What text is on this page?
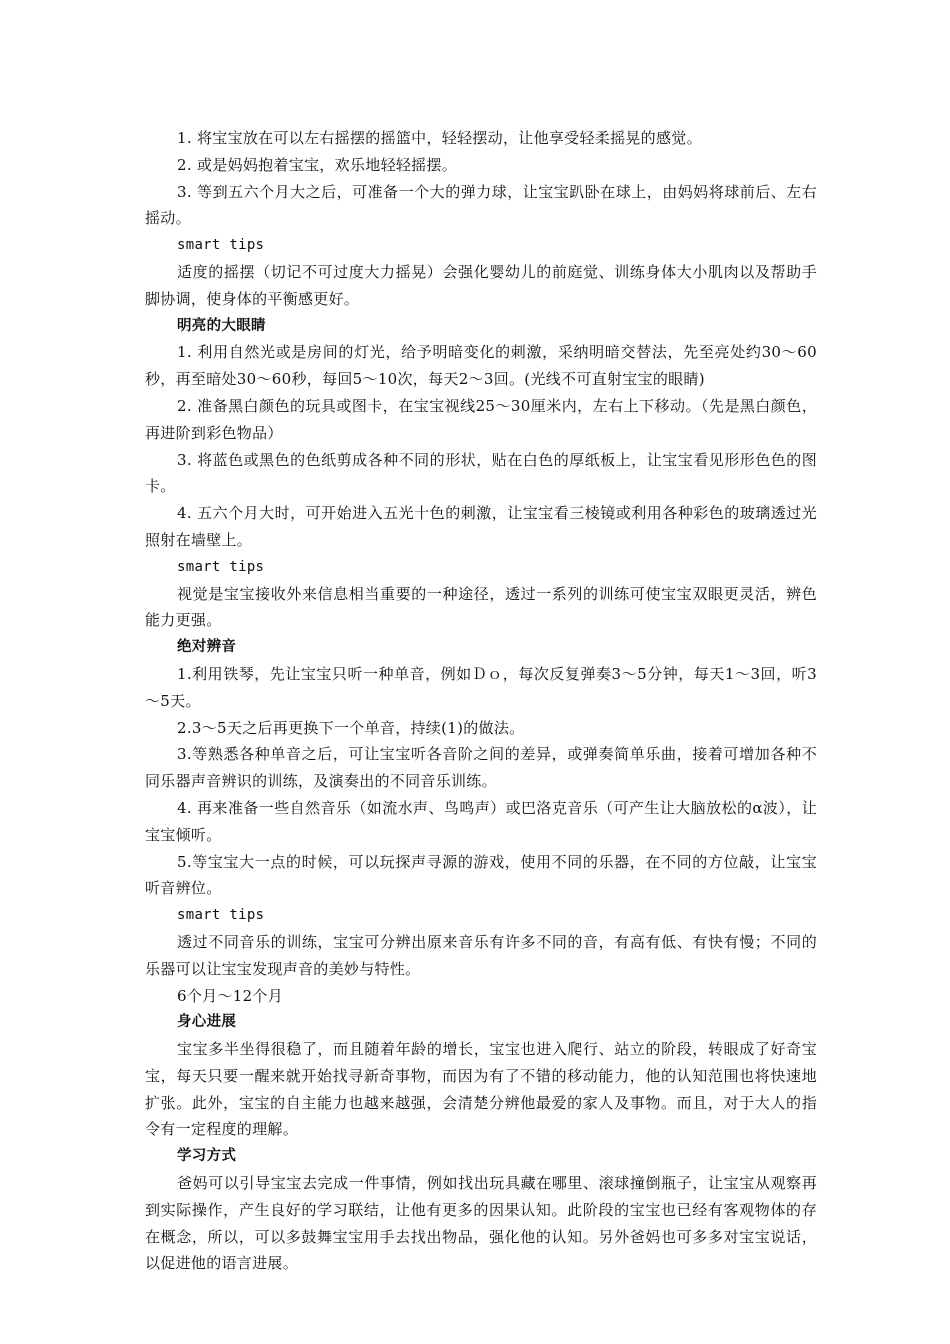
1. 将宝宝放在可以左右摇摆的摇篮中，轻轻摆动，让他享受轻柔摇晃的感觉。

2. 或是妈妈抱着宝宝，欢乐地轻轻摇摆。

3. 等到五六个月大之后，可准备一个大的弹力球，让宝宝趴卧在球上，由妈妈将球前后、左右摇动。

smart tips

适度的摇摆（切记不可过度大力摇晃）会强化婴幼儿的前庭觉、训练身体大小肌肉以及帮助手脚协调，使身体的平衡感更好。

明亮的大眼睛

1. 利用自然光或是房间的灯光，给予明暗变化的刺激，采纳明暗交替法，先至亮处约30～60秒，再至暗处30～60秒，每回5～10次，每天2～3回。(光线不可直射宝宝的眼睛)

2. 准备黑白颜色的玩具或图卡，在宝宝视线25～30厘米内，左右上下移动。（先是黑白颜色，再进阶到彩色物品）

3. 将蓝色或黑色的色纸剪成各种不同的形状，贴在白色的厚纸板上，让宝宝看见形形色色的图卡。

4. 五六个月大时，可开始进入五光十色的刺激，让宝宝看三棱镜或利用各种彩色的玻璃透过光照射在墙壁上。

smart tips

视觉是宝宝接收外来信息相当重要的一种途径，透过一系列的训练可使宝宝双眼更灵活，辨色能力更强。

绝对辨音

1.利用铁琴，先让宝宝只听一种单音，例如Ｄｏ，每次反复弹奏3～5分钟，每天1～3回，听3～5天。

2.3～5天之后再更换下一个单音，持续(1)的做法。

3.等熟悉各种单音之后，可让宝宝听各音阶之间的差异，或弹奏简单乐曲，接着可增加各种不同乐器声音辨识的训练，及演奏出的不同音乐训练。

4. 再来准备一些自然音乐（如流水声、鸟鸣声）或巴洛克音乐（可产生让大脑放松的α波），让宝宝倾听。

5.等宝宝大一点的时候，可以玩探声寻源的游戏，使用不同的乐器，在不同的方位敲，让宝宝听音辨位。

smart tips

透过不同音乐的训练，宝宝可分辨出原来音乐有许多不同的音，有高有低、有快有慢；不同的乐器可以让宝宝发现声音的美妙与特性。

6个月～12个月

身心进展

宝宝多半坐得很稳了，而且随着年龄的增长，宝宝也进入爬行、站立的阶段，转眼成了好奇宝宝，每天只要一醒来就开始找寻新奇事物，而因为有了不错的移动能力，他的认知范围也将快速地扩张。此外，宝宝的自主能力也越来越强，会清楚分辨他最爱的家人及事物。而且，对于大人的指令有一定程度的理解。

学习方式

爸妈可以引导宝宝去完成一件事情，例如找出玩具藏在哪里、滚球撞倒瓶子，让宝宝从观察再到实际操作，产生良好的学习联结，让他有更多的因果认知。此阶段的宝宝也已经有客观物体的存在概念，所以，可以多鼓舞宝宝用手去找出物品，强化他的认知。另外爸妈也可多多对宝宝说话，以促进他的语言进展。
